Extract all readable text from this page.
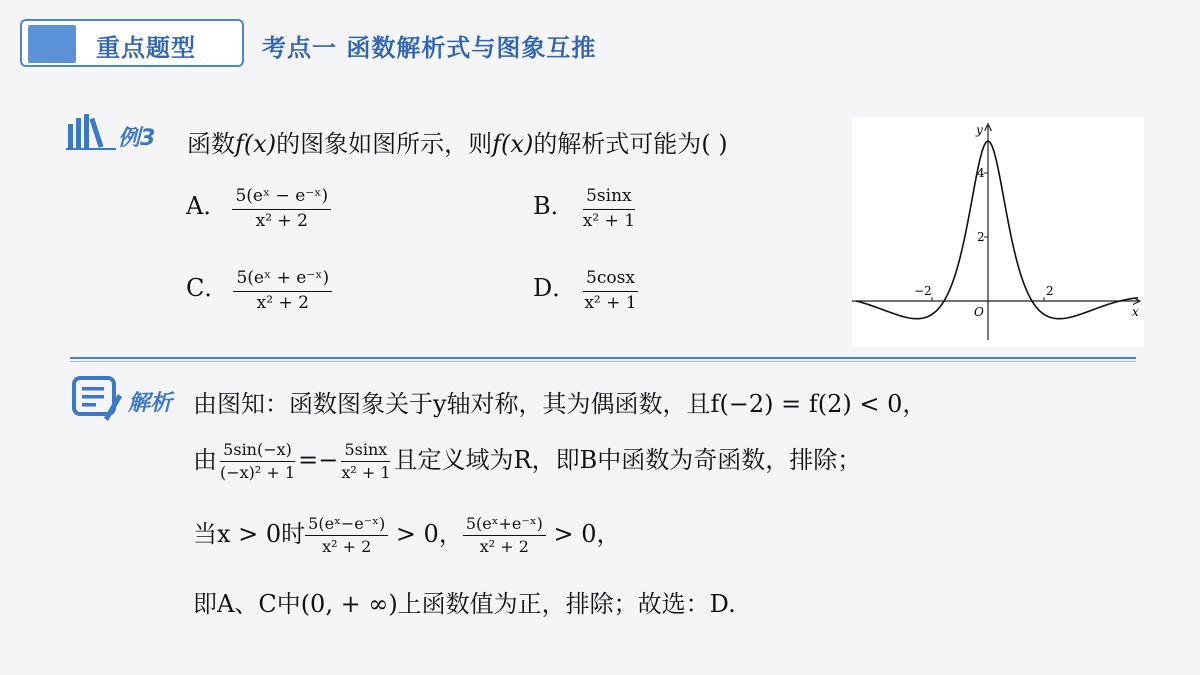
重点题型	考点一 函数解析式与图象互推
例3 函数f(x)的图象如图所示，则f(x)的解析式可能为( )
A． $\frac{\text{5(eˣ − e⁻ˣ)}}{\text{x² + 2}}$	B． $\frac{5\sin x}{\text{x² + 1}}$
C． $\frac{\text{5(eˣ + e⁻ˣ)}}{\text{x² + 2}}$	D． $\frac{5\cos x}{\text{x² + 1}}$
y
x
O
4
2
−2	2
解析 由图知：函数图象关于y轴对称，其为偶函数，且f(−2) = f(2) < 0，
由 $\frac{5\sin(-x)}{\text{(−x)² + 1}} =- \frac{5\sin x}{\text{x² + 1}}$ 且定义域为R，即B中函数为奇函数，排除；
当x > 0时 $\frac{\text{5(eˣ−e⁻ˣ)}}{\text{x² + 2}} > 0$， $\frac{\text{5(eˣ+e⁻ˣ)}}{\text{x² + 2}} > 0$，
即A、C中(0, + ∞)上函数值为正，排除；故选：D.
